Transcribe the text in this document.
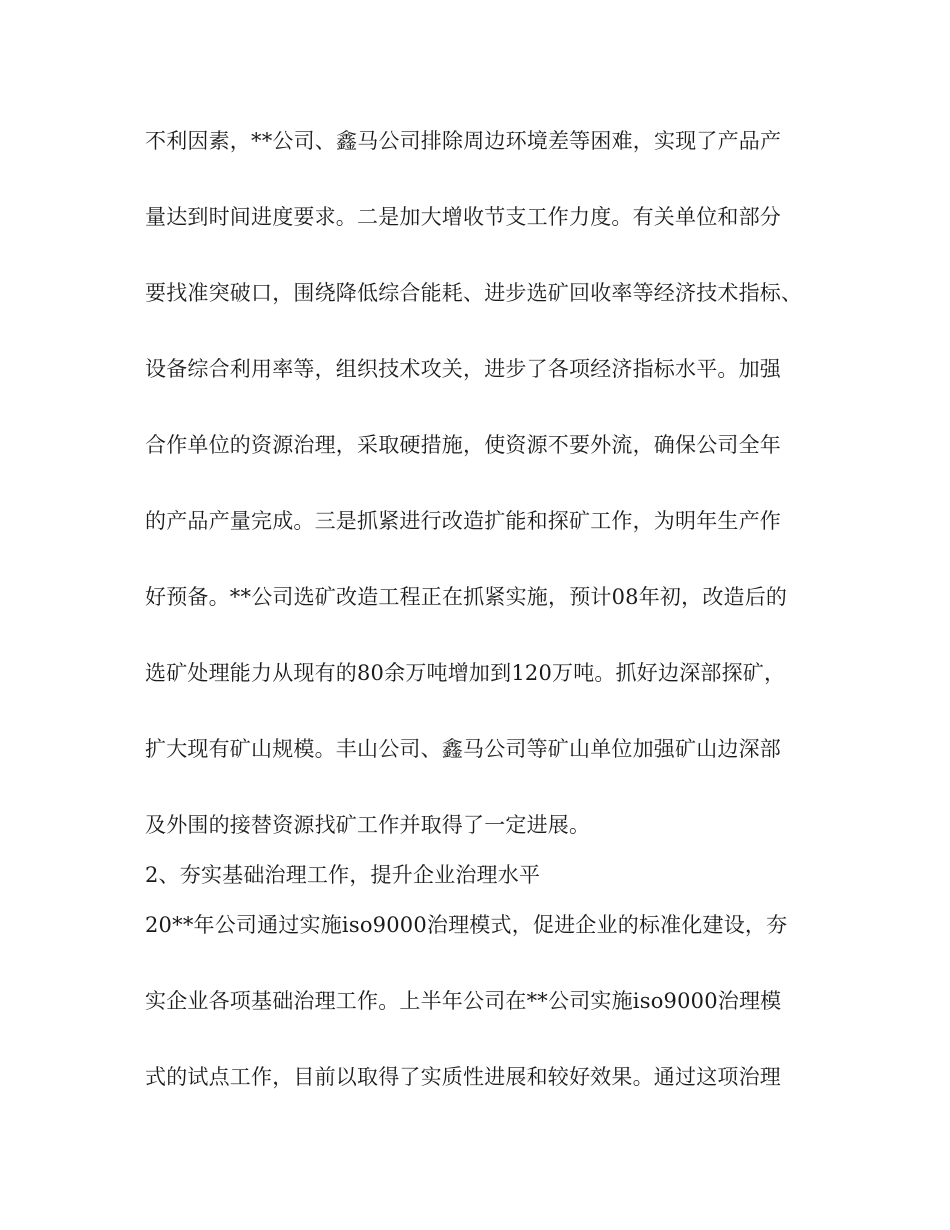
不利因素，**公司、鑫马公司排除周边环境差等困难，实现了产品产
量达到时间进度要求。二是加大增收节支工作力度。有关单位和部分
要找准突破口，围绕降低综合能耗、进步选矿回收率等经济技术指标、
设备综合利用率等，组织技术攻关，进步了各项经济指标水平。加强
合作单位的资源治理，采取硬措施，使资源不要外流，确保公司全年
的产品产量完成。三是抓紧进行改造扩能和探矿工作，为明年生产作
好预备。**公司选矿改造工程正在抓紧实施，预计08年初，改造后的
选矿处理能力从现有的80余万吨增加到120万吨。抓好边深部探矿，
扩大现有矿山规模。丰山公司、鑫马公司等矿山单位加强矿山边深部
及外围的接替资源找矿工作并取得了一定进展。
2、夯实基础治理工作，提升企业治理水平
20**年公司通过实施iso9000治理模式，促进企业的标准化建设，夯
实企业各项基础治理工作。上半年公司在**公司实施iso9000治理模
式的试点工作，目前以取得了实质性进展和较好效果。通过这项治理
